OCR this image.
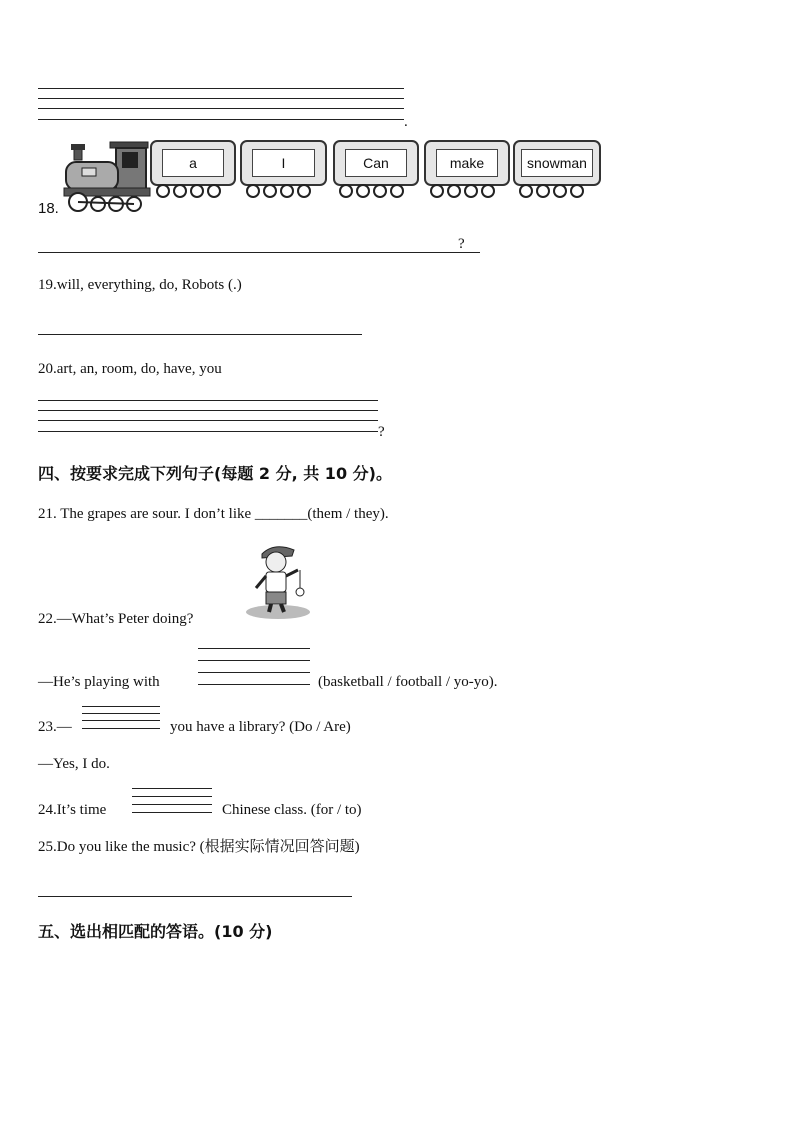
.
18.
a	I	Can	make	snowman
?
19.will, everything, do, Robots (.)
20.art, an, room, do, have, you
?
四、按要求完成下列句子(每题 2 分, 共 10 分)。
21. The grapes are sour. I don’t like _______(them / they).
22.—What’s Peter doing?
—He’s playing with	(basketball / football / yo-yo).
23.—	you have a library? (Do / Are)
—Yes, I do.
24.It’s time	Chinese class. (for / to)
25.Do you like the music? (根据实际情况回答问题)
五、选出相匹配的答语。(10 分)
